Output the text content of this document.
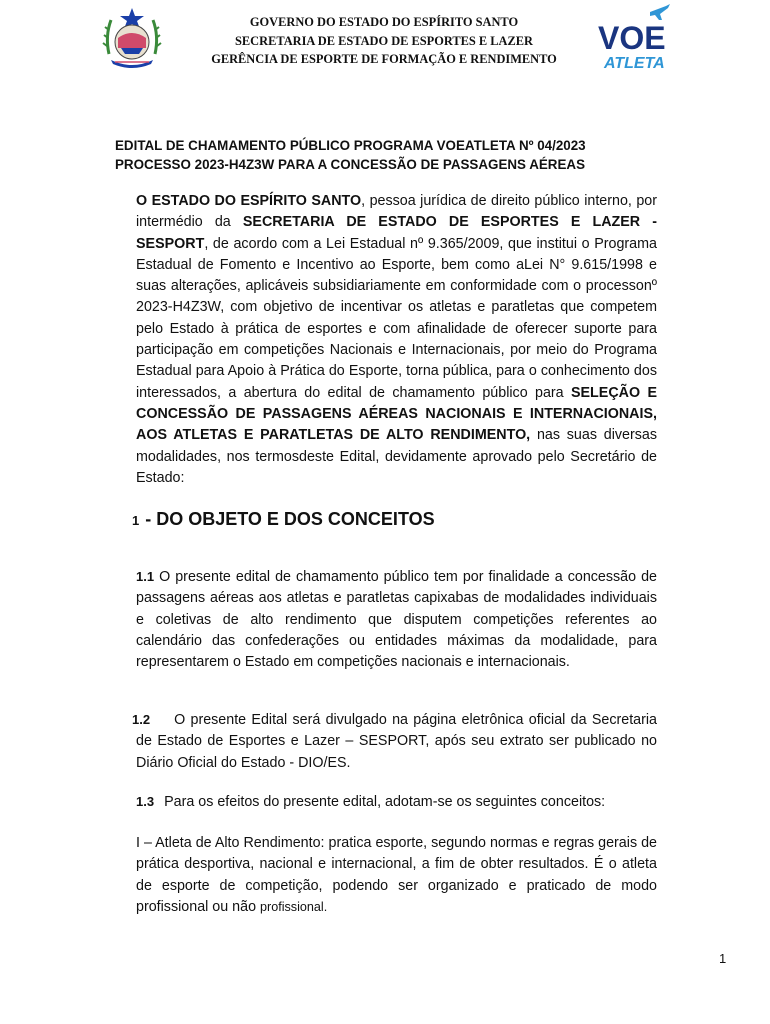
GOVERNO DO ESTADO DO ESPÍRITO SANTO
SECRETARIA DE ESTADO DE ESPORTES E LAZER
GERÊNCIA DE ESPORTE DE FORMAÇÃO E RENDIMENTO
VOE
ATLETA
EDITAL DE CHAMAMENTO PÚBLICO PROGRAMA VOEATLETA Nº 04/2023
PROCESSO 2023-H4Z3W PARA A CONCESSÃO DE PASSAGENS AÉREAS

O ESTADO DO ESPÍRITO SANTO, pessoa jurídica de direito público interno, por intermédio da SECRETARIA DE ESTADO DE ESPORTES E LAZER - SESPORT, de acordo com a Lei Estadual nº 9.365/2009, que institui o Programa Estadual de Fomento e Incentivo ao Esporte, bem como aLei N° 9.615/1998 e suas alterações, aplicáveis subsidiariamente em conformidade com o processonº 2023-H4Z3W, com objetivo de incentivar os atletas e paratletas que competem pelo Estado à prática de esportes e com afinalidade de oferecer suporte para participação em competições Nacionais e Internacionais, por meio do Programa Estadual para Apoio à Prática do Esporte, torna pública, para o conhecimento dos interessados, a abertura do edital de chamamento público para SELEÇÃO E CONCESSÃO DE PASSAGENS AÉREAS NACIONAIS E INTERNACIONAIS, AOS ATLETAS E PARATLETAS DE ALTO RENDIMENTO, nas suas diversas modalidades, nos termosdeste Edital, devidamente aprovado pelo Secretário de Estado:

1 - DO OBJETO E DOS CONCEITOS

1.1 O presente edital de chamamento público tem por finalidade a concessão de passagens aéreas aos atletas e paratletas capixabas de modalidades individuais e coletivas de alto rendimento que disputem competições referentes ao calendário das confederações ou entidades máximas da modalidade, para representarem o Estado em competições nacionais e internacionais.

1.2 O presente Edital será divulgado na página eletrônica oficial da Secretaria de Estado de Esportes e Lazer – SESPORT, após seu extrato ser publicado no Diário Oficial do Estado - DIO/ES.

1.3 Para os efeitos do presente edital, adotam-se os seguintes conceitos:

I – Atleta de Alto Rendimento: pratica esporte, segundo normas e regras gerais de prática desportiva, nacional e internacional, a fim de obter resultados. É o atleta de esporte de competição, podendo ser organizado e praticado de modo profissional ou não profissional.

1
